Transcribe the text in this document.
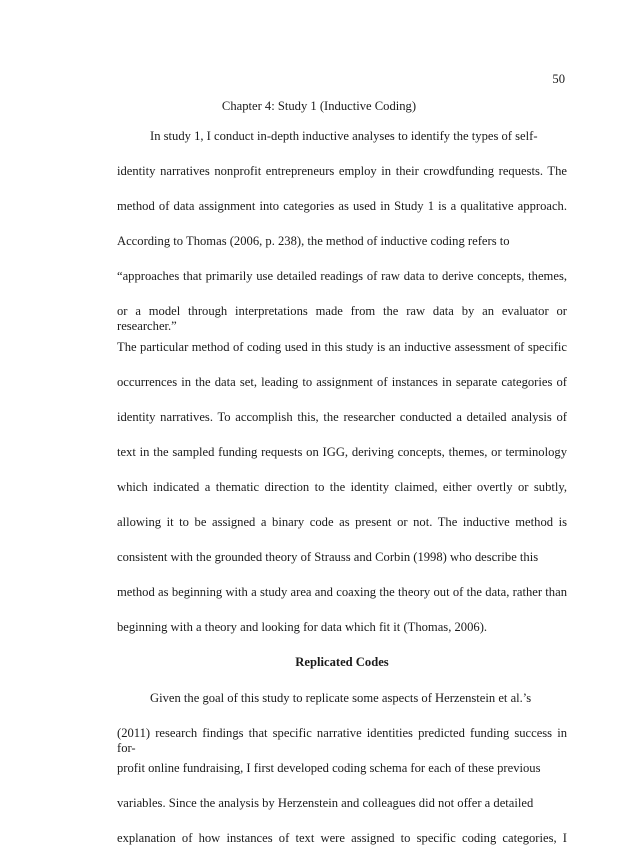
50
Chapter 4: Study 1 (Inductive Coding)
In study 1, I conduct in-depth inductive analyses to identify the types of self-
identity narratives nonprofit entrepreneurs employ in their crowdfunding requests. The
method of data assignment into categories as used in Study 1 is a qualitative approach.
According to Thomas (2006, p. 238), the method of inductive coding refers to
“approaches that primarily use detailed readings of raw data to derive concepts, themes,
or a model through interpretations made from the raw data by an evaluator or researcher.”
The particular method of coding used in this study is an inductive assessment of specific
occurrences in the data set, leading to assignment of instances in separate categories of
identity narratives. To accomplish this, the researcher conducted a detailed analysis of
text in the sampled funding requests on IGG, deriving concepts, themes, or terminology
which indicated a thematic direction to the identity claimed, either overtly or subtly,
allowing it to be assigned a binary code as present or not. The inductive method is
consistent with the grounded theory of Strauss and Corbin (1998) who describe this
method as beginning with a study area and coaxing the theory out of the data, rather than
beginning with a theory and looking for data which fit it (Thomas, 2006).
Replicated Codes
Given the goal of this study to replicate some aspects of Herzenstein et al.’s
(2011) research findings that specific narrative identities predicted funding success in for-
profit online fundraising, I first developed coding schema for each of these previous
variables. Since the analysis by Herzenstein and colleagues did not offer a detailed
explanation of how instances of text were assigned to specific coding categories, I
